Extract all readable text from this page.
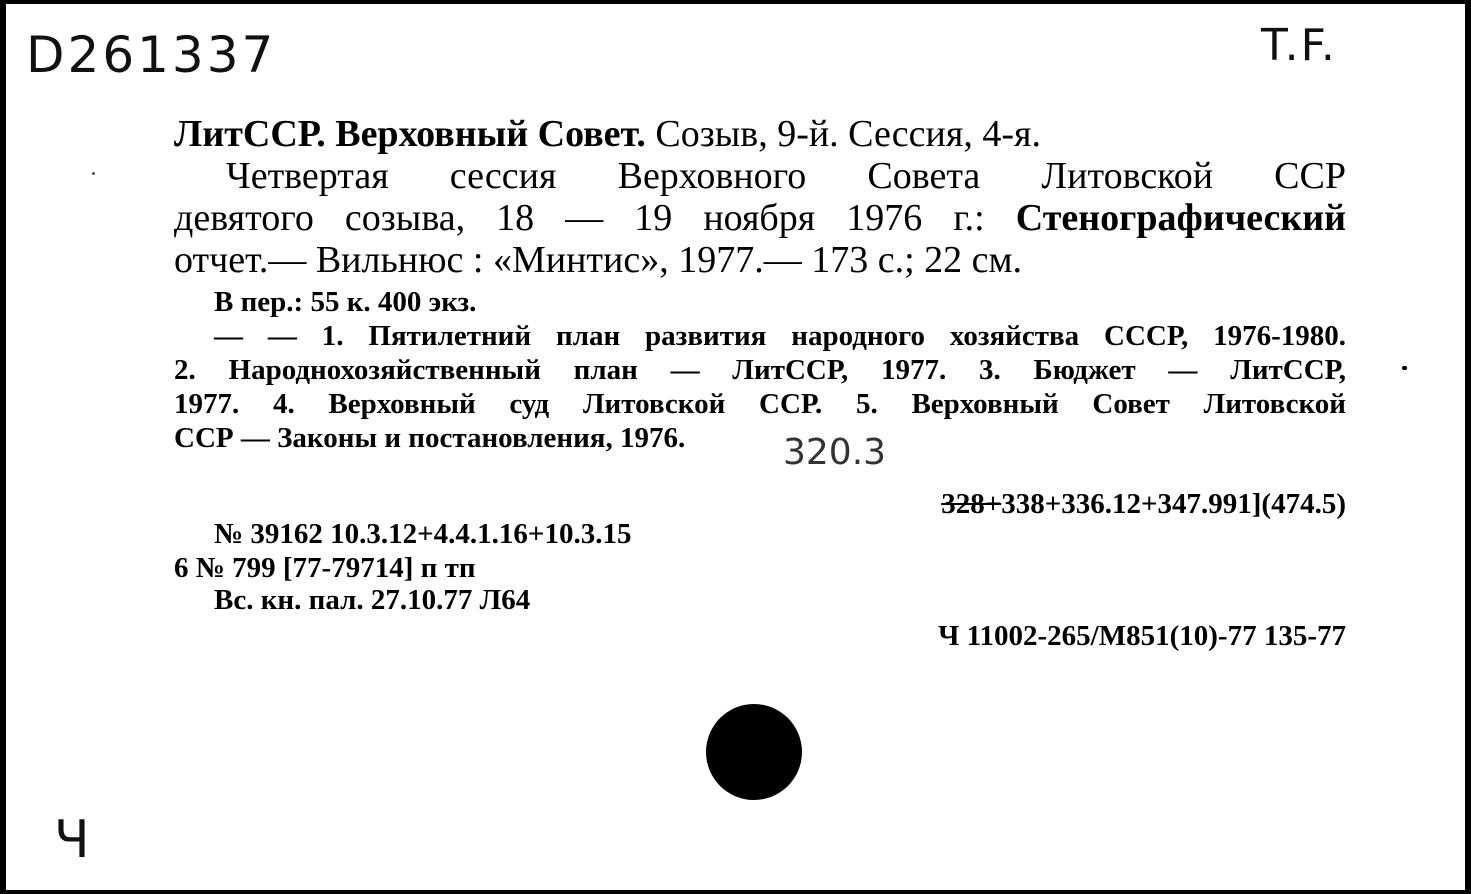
D261337	T.F.
ЛитССР. Верховный Совет. Созыв, 9-й. Сессия, 4-я.
Четвертая сессия Верховного Совета Литовской ССР
девятого созыва, 18 — 19 ноября 1976 г.: Стенографический
отчет.— Вильнюс : «Минтис», 1977.— 173 с.; 22 см.
В пер.: 55 к. 400 экз.
— — 1. Пятилетний план развития народного хозяйства СССР, 1976-1980.
2. Народнохозяйственный план — ЛитССР, 1977. 3. Бюджет — ЛитССР,
1977. 4. Верховный суд Литовской ССР. 5. Верховный Совет Литовской
ССР — Законы и постановления, 1976.	320.3
328+338+336.12+347.991](474.5)
№ 39162 10.3.12+4.4.1.16+10.3.15
6 № 799 [77-79714] п тп
Вс. кн. пал. 27.10.77 Л64
Ч 11002-265/М851(10)-77 135-77
Ч
